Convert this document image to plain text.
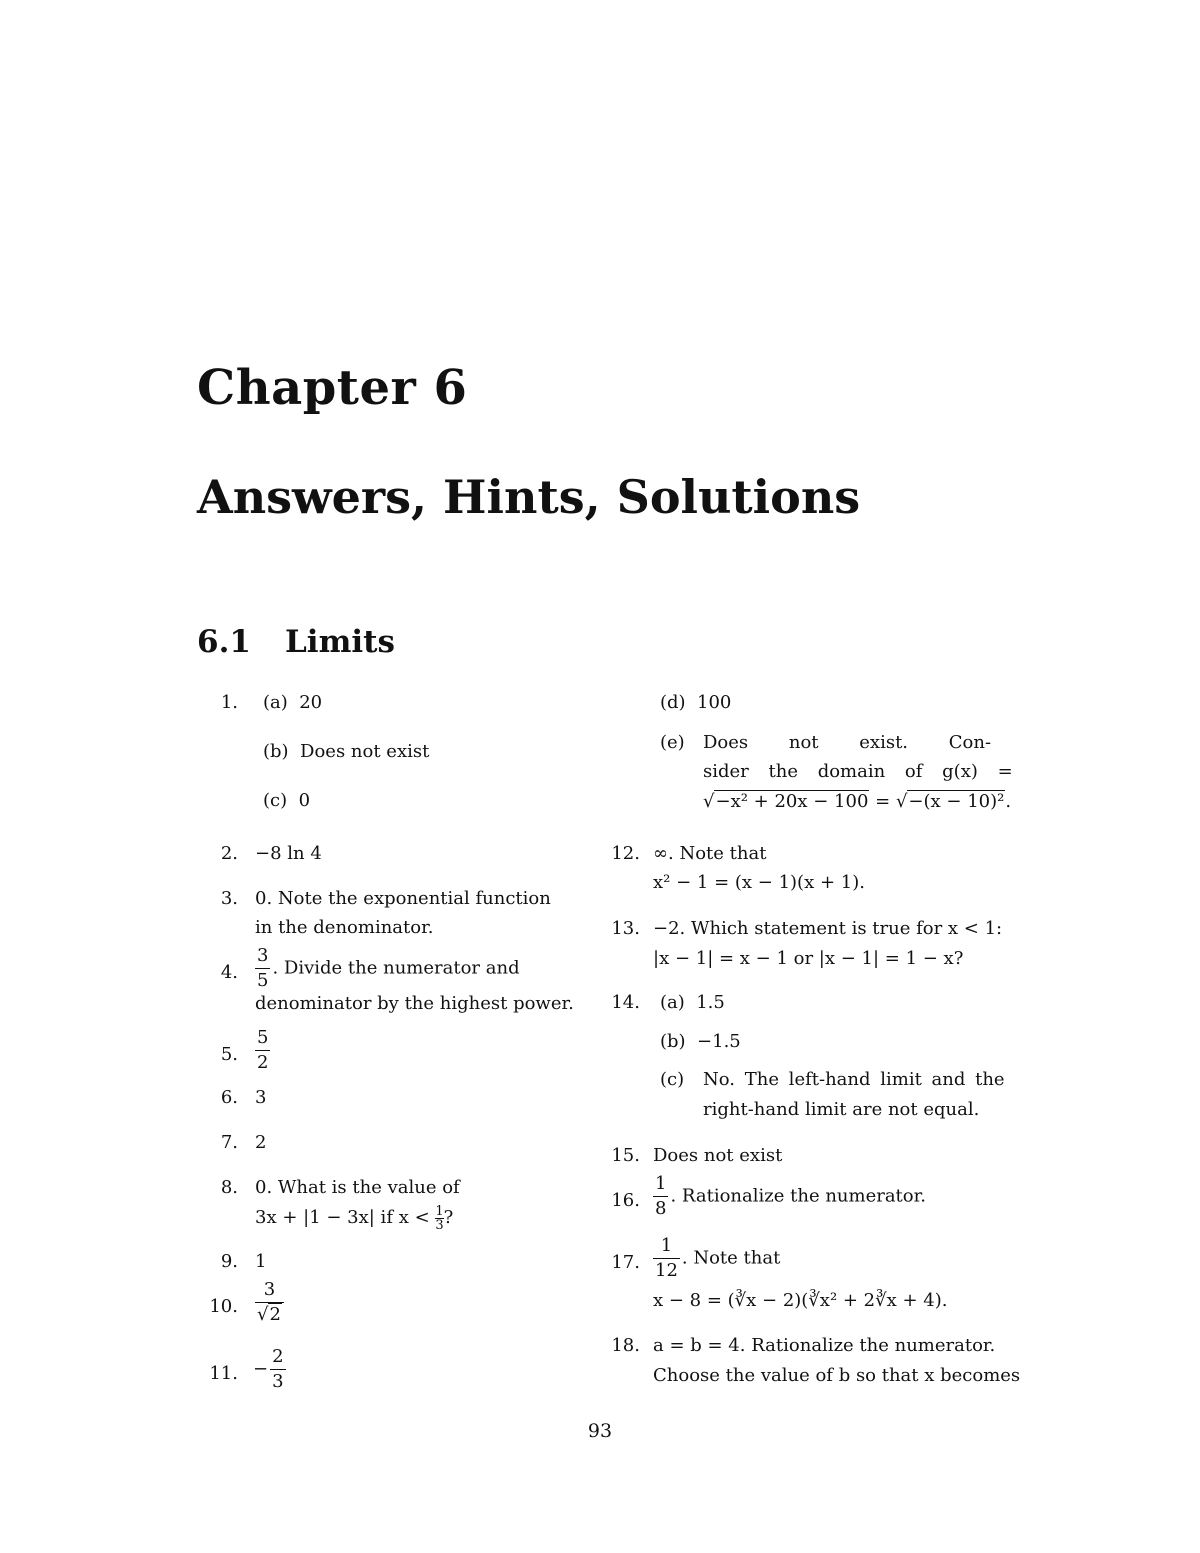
Chapter 6
Answers, Hints, Solutions
6.1 Limits
1. (a) 20
(b) Does not exist
(c) 0
2. −8 ln 4
3. 0. Note the exponential function
in the denominator.
4. $\frac{3}{5}$ . Divide the numerator and
denominator by the highest power.
5. $\frac{5}{2}$
6. 3
7. 2
8. 0. What is the value of
3x + |1 − 3x| if $x < \frac{1}{3}$ ?
9. 1
10. $\frac{3}{√2}$
11. − $\frac{2}{3}$
(d) 100
(e) Does not exist. Con-
sider the domain of g(x) =
√−x² + 20x − 100 = √−(x − 10)².
12. ∞. Note that
x² − 1 = (x − 1)(x + 1).
13. −2. Which statement is true for x < 1:
|x − 1| = x − 1 or |x − 1| = 1 − x?
14. (a) 1.5
(b) −1.5
(c) No. The left-hand limit and the
right-hand limit are not equal.
15. Does not exist
16. $\frac{1}{8}$ . Rationalize the numerator.
17. $\frac{1}{12}$ . Note that
x − 8 = (∛x − 2)(∛x² + 2∛x + 4).
18. a = b = 4. Rationalize the numerator.
Choose the value of b so that x becomes
93
